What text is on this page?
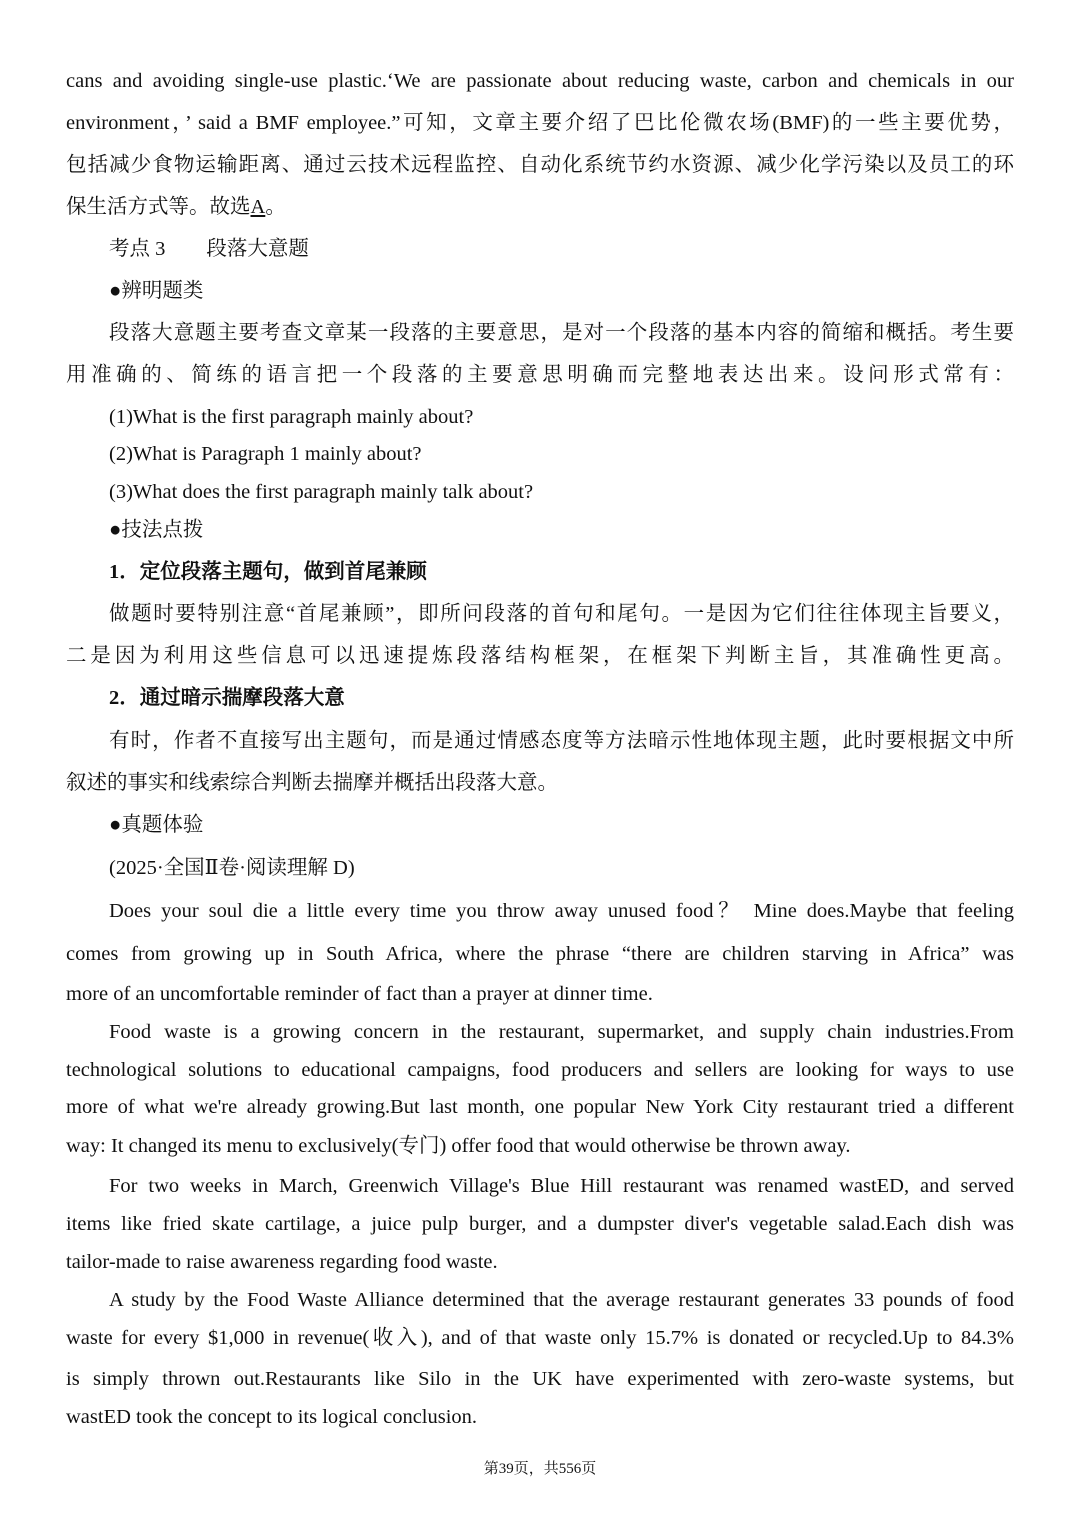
cans and avoiding single-use plastic.‘We are passionate about reducing waste, carbon and chemicals in our
environment，’ said a BMF employee.”可知，文章主要介绍了巴比伦微农场(BMF)的一些主要优势，
包括减少食物运输距离、通过云技术远程监控、自动化系统节约水资源、减少化学污染以及员工的环
保生活方式等。故选A。
考点 3　　段落大意题
●辨明题类
段落大意题主要考查文章某一段落的主要意思，是对一个段落的基本内容的简缩和概括。考生要
用准确的、简练的语言把一个段落的主要意思明确而完整地表达出来。设问形式常有：
(1)What is the first paragraph mainly about?
(2)What is Paragraph 1 mainly about?
(3)What does the first paragraph mainly talk about?
●技法点拨
1．定位段落主题句，做到首尾兼顾
做题时要特别注意“首尾兼顾”，即所问段落的首句和尾句。一是因为它们往往体现主旨要义，
二是因为利用这些信息可以迅速提炼段落结构框架，在框架下判断主旨，其准确性更高。
2．通过暗示揣摩段落大意
有时，作者不直接写出主题句，而是通过情感态度等方法暗示性地体现主题，此时要根据文中所
叙述的事实和线索综合判断去揣摩并概括出段落大意。
●真题体验
(2025·全国Ⅱ卷·阅读理解 D)
Does your soul die a little every time you throw away unused food？ Mine does.Maybe that feeling
comes from growing up in South Africa, where the phrase “there are children starving in Africa” was
more of an uncomfortable reminder of fact than a prayer at dinner time.
Food waste is a growing concern in the restaurant, supermarket, and supply chain industries.From
technological solutions to educational campaigns, food producers and sellers are looking for ways to use
more of what we're already growing.But last month, one popular New York City restaurant tried a different
way: It changed its menu to exclusively(专门) offer food that would otherwise be thrown away.
For two weeks in March, Greenwich Village's Blue Hill restaurant was renamed wastED, and served
items like fried skate cartilage, a juice pulp burger, and a dumpster diver's vegetable salad.Each dish was
tailor-made to raise awareness regarding food waste.
A study by the Food Waste Alliance determined that the average restaurant generates 33 pounds of food
waste for every $1,000 in revenue(收入), and of that waste only 15.7% is donated or recycled.Up to 84.3%
is simply thrown out.Restaurants like Silo in the UK have experimented with zero-waste systems, but
wastED took the concept to its logical conclusion.
第39页，共556页
